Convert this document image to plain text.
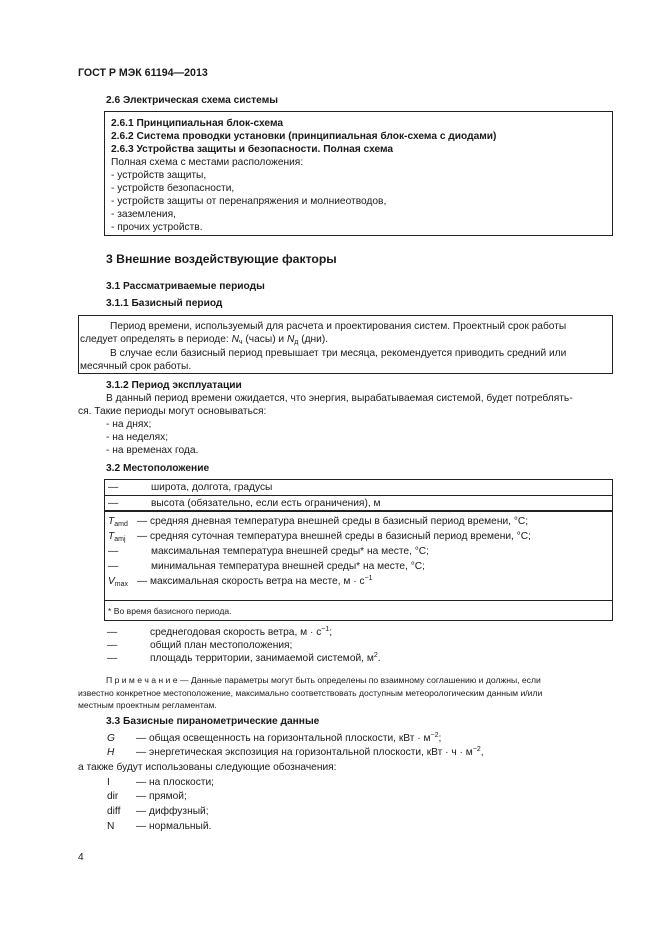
ГОСТ Р МЭК 61194—2013
2.6 Электрическая схема системы
2.6.1 Принципиальная блок-схема
2.6.2 Система проводки установки (принципиальная блок-схема с диодами)
2.6.3 Устройства защиты и безопасности. Полная схема
Полная схема с местами расположения:
- устройств защиты,
- устройств безопасности,
- устройств защиты от перенапряжения и молниеотводов,
- заземления,
- прочих устройств.
3 Внешние воздействующие факторы
3.1 Рассматриваемые периоды
3.1.1 Базисный период
Период времени, используемый для расчета и проектирования систем. Проектный срок работы
следует определять в периоде: $N_ч$ (часы) и $N_д$ (дни).
В случае если базисный период превышает три месяца, рекомендуется приводить средний или
месячный срок работы.
3.1.2 Период эксплуатации
В данный период времени ожидается, что энергия, вырабатываемая системой, будет потреблять-
ся. Такие периоды могут основываться:
- на днях;
- на неделях;
- на временах года.
3.2 Местоположение
—	широта, долгота, градусы
—	высота (обязательно, если есть ограничения), м
$T_{amd}$ — средняя дневная температура внешней среды в базисный период времени, °С;
$T_{amj}$ — средняя суточная температура внешней среды в базисный период времени, °С;
—	максимальная температура внешней среды* на месте, °С;
—	минимальная температура внешней среды* на месте, °С;
$V_{max}$ — максимальная скорость ветра на месте, $м \cdot с^{-1}$
* Во время базисного периода.
—	среднегодовая скорость ветра, $м \cdot с^{-1}$;
—	общий план местоположения;
—	площадь территории, занимаемой системой, $м^2$.
П р и м е ч а н и е — Данные параметры могут быть определены по взаимному соглашению и должны, если
известно конкретное местоположение, максимально соответствовать доступным метеорологическим данным и/или
местным проектным регламентам.
3.3 Базисные пиранометрические данные
G — общая освещенность на горизонтальной плоскости, кВт · $м^{-2}$;
H — энергетическая экспозиция на горизонтальной плоскости, кВт · $ч \cdot м^{-2}$,
а также будут использованы следующие обозначения:
I	— на плоскости;
dir — прямой;
diff — диффузный;
N — нормальный.
4
